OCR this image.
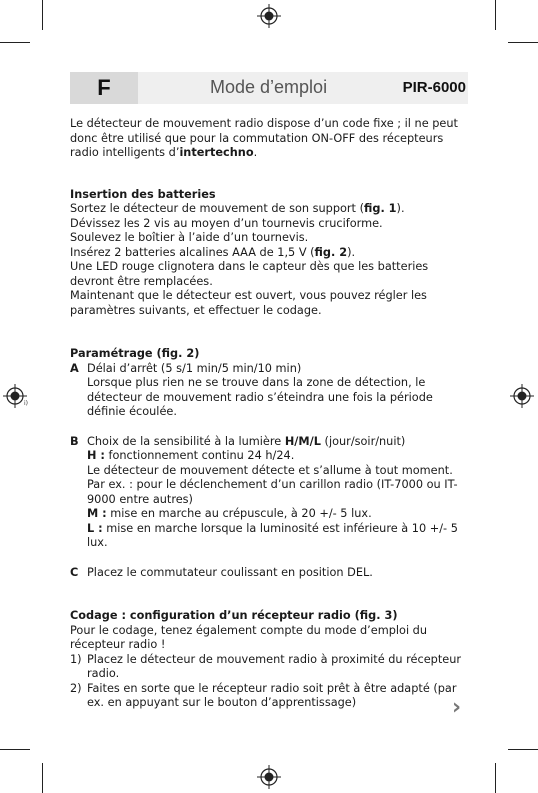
i)
F	Mode d’emploi	PIR-6000

Le détecteur de mouvement radio dispose d’un code fixe ; il ne peut donc être utilisé que pour la commutation ON-OFF des récepteurs radio intelligents d’intertechno.

Insertion des batteries

Sortez le détecteur de mouvement de son support (fig. 1).

Dévissez les 2 vis au moyen d’un tournevis cruciforme.

Soulevez le boîtier à l’aide d’un tournevis.

Insérez 2 batteries alcalines AAA de 1,5 V (fig. 2).

Une LED rouge clignotera dans le capteur dès que les batteries devront être remplacées.

Maintenant que le détecteur est ouvert, vous pouvez régler les paramètres suivants, et effectuer le codage.

Paramétrage (fig. 2)

A Délai d’arrêt (5 s/1 min/5 min/10 min)

Lorsque plus rien ne se trouve dans la zone de détection, le détecteur de mouvement radio s’éteindra une fois la période définie écoulée.

B Choix de la sensibilité à la lumière H/M/L (jour/soir/nuit)

H : fonctionnement continu 24 h/24.

Le détecteur de mouvement détecte et s’allume à tout moment. Par ex. : pour le déclenchement d’un carillon radio (IT-7000 ou IT-9000 entre autres)

M : mise en marche au crépuscule, à 20 +/- 5 lux.

L : mise en marche lorsque la luminosité est inférieure à 10 +/- 5 lux.

C Placez le commutateur coulissant en position DEL.

Codage : configuration d’un récepteur radio (fig. 3)

Pour le codage, tenez également compte du mode d’emploi du récepteur radio !

1) Placez le détecteur de mouvement radio à proximité du récepteur radio.

2) Faites en sorte que le récepteur radio soit prêt à être adapté (par ex. en appuyant sur le bouton d’apprentissage)	›
